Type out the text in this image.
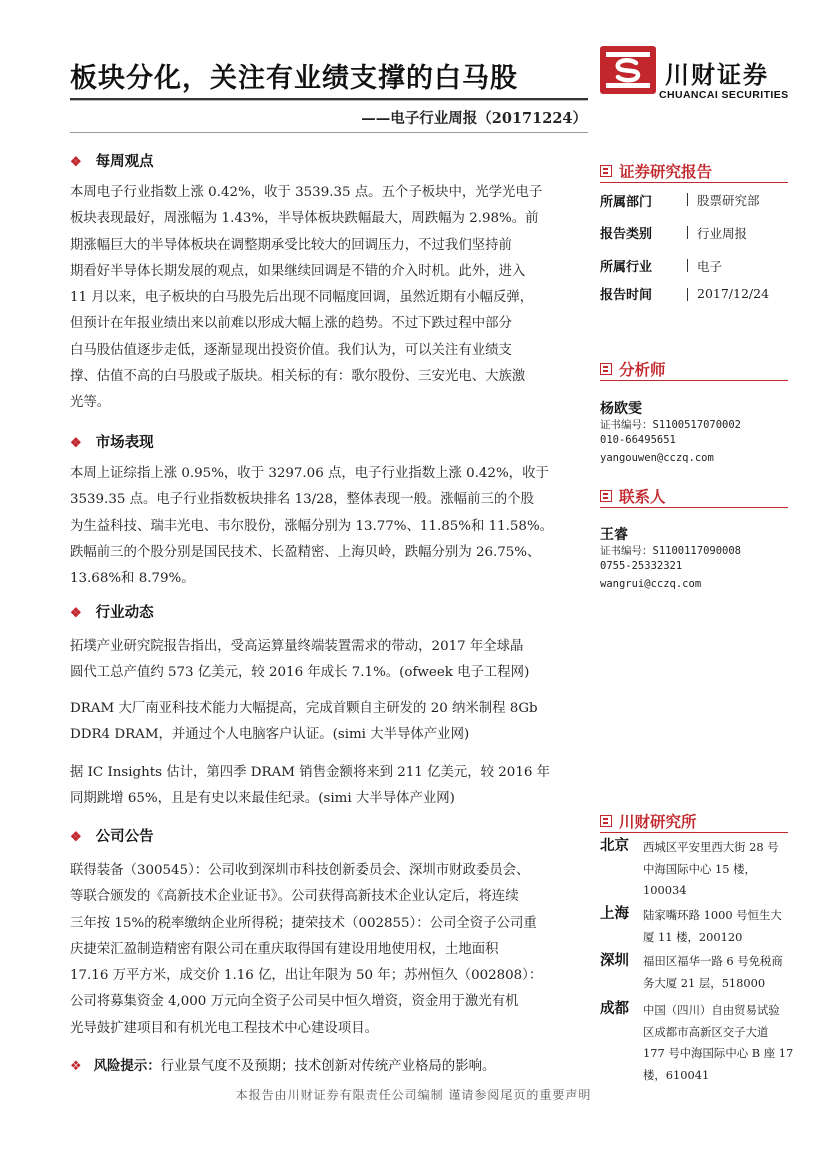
板块分化，关注有业绩支撑的白马股
——电子行业周报（20171224）
川财证券
CHUANCAI SECURITIES
❖ 每周观点
本周电子行业指数上涨 0.42%，收于 3539.35 点。五个子板块中，光学光电子
板块表现最好，周涨幅为 1.43%，半导体板块跌幅最大，周跌幅为 2.98%。前
期涨幅巨大的半导体板块在调整期承受比较大的回调压力，不过我们坚持前
期看好半导体长期发展的观点，如果继续回调是不错的介入时机。此外，进入
11 月以来，电子板块的白马股先后出现不同幅度回调，虽然近期有小幅反弹，
但预计在年报业绩出来以前难以形成大幅上涨的趋势。不过下跌过程中部分
白马股估值逐步走低，逐渐显现出投资价值。我们认为，可以关注有业绩支
撑、估值不高的白马股或子版块。相关标的有：歌尔股份、三安光电、大族激
光等。
❖ 市场表现
本周上证综指上涨 0.95%，收于 3297.06 点，电子行业指数上涨 0.42%，收于
3539.35 点。电子行业指数板块排名 13/28，整体表现一般。涨幅前三的个股
为生益科技、瑞丰光电、韦尔股份，涨幅分别为 13.77%、11.85%和 11.58%。
跌幅前三的个股分别是国民技术、长盈精密、上海贝岭，跌幅分别为 26.75%、
13.68%和 8.79%。
❖ 行业动态
拓墣产业研究院报告指出，受高运算量终端装置需求的带动，2017 年全球晶
圆代工总产值约 573 亿美元，较 2016 年成长 7.1%。(ofweek 电子工程网)
DRAM 大厂南亚科技术能力大幅提高，完成首颗自主研发的 20 纳米制程 8Gb
DDR4 DRAM，并通过个人电脑客户认证。(simi 大半导体产业网)
据 IC Insights 估计，第四季 DRAM 销售金额将来到 211 亿美元，较 2016 年
同期跳增 65%，且是有史以来最佳纪录。(simi 大半导体产业网)
❖ 公司公告
联得装备（300545）：公司收到深圳市科技创新委员会、深圳市财政委员会、
等联合颁发的《高新技术企业证书》。公司获得高新技术企业认定后，将连续
三年按 15%的税率缴纳企业所得税；捷荣技术（002855）：公司全资子公司重
庆捷荣汇盈制造精密有限公司在重庆取得国有建设用地使用权，土地面积
17.16 万平方米，成交价 1.16 亿，出让年限为 50 年；苏州恒久（002808）：
公司将募集资金 4,000 万元向全资子公司吴中恒久增资，资金用于激光有机
光导鼓扩建项目和有机光电工程技术中心建设项目。
❖ 风险提示：行业景气度不及预期；技术创新对传统产业格局的影响。
证券研究报告
所属部门	股票研究部
报告类别	行业周报
所属行业	电子
报告时间	2017/12/24
分析师
杨欧雯
证书编号：S1100517070002
010-66495651
yangouwen@cczq.com
联系人
王睿
证书编号：S1100117090008
0755-25332321
wangrui@cczq.com
川财研究所
北京 西城区平安里西大街 28 号
中海国际中心 15 楼，
100034
上海 陆家嘴环路 1000 号恒生大
厦 11 楼，200120
深圳 福田区福华一路 6 号免税商
务大厦 21 层，518000
成都 中国（四川）自由贸易试验
区成都市高新区交子大道
177 号中海国际中心 B 座 17
楼，610041
本报告由川财证券有限责任公司编制 谨请参阅尾页的重要声明
